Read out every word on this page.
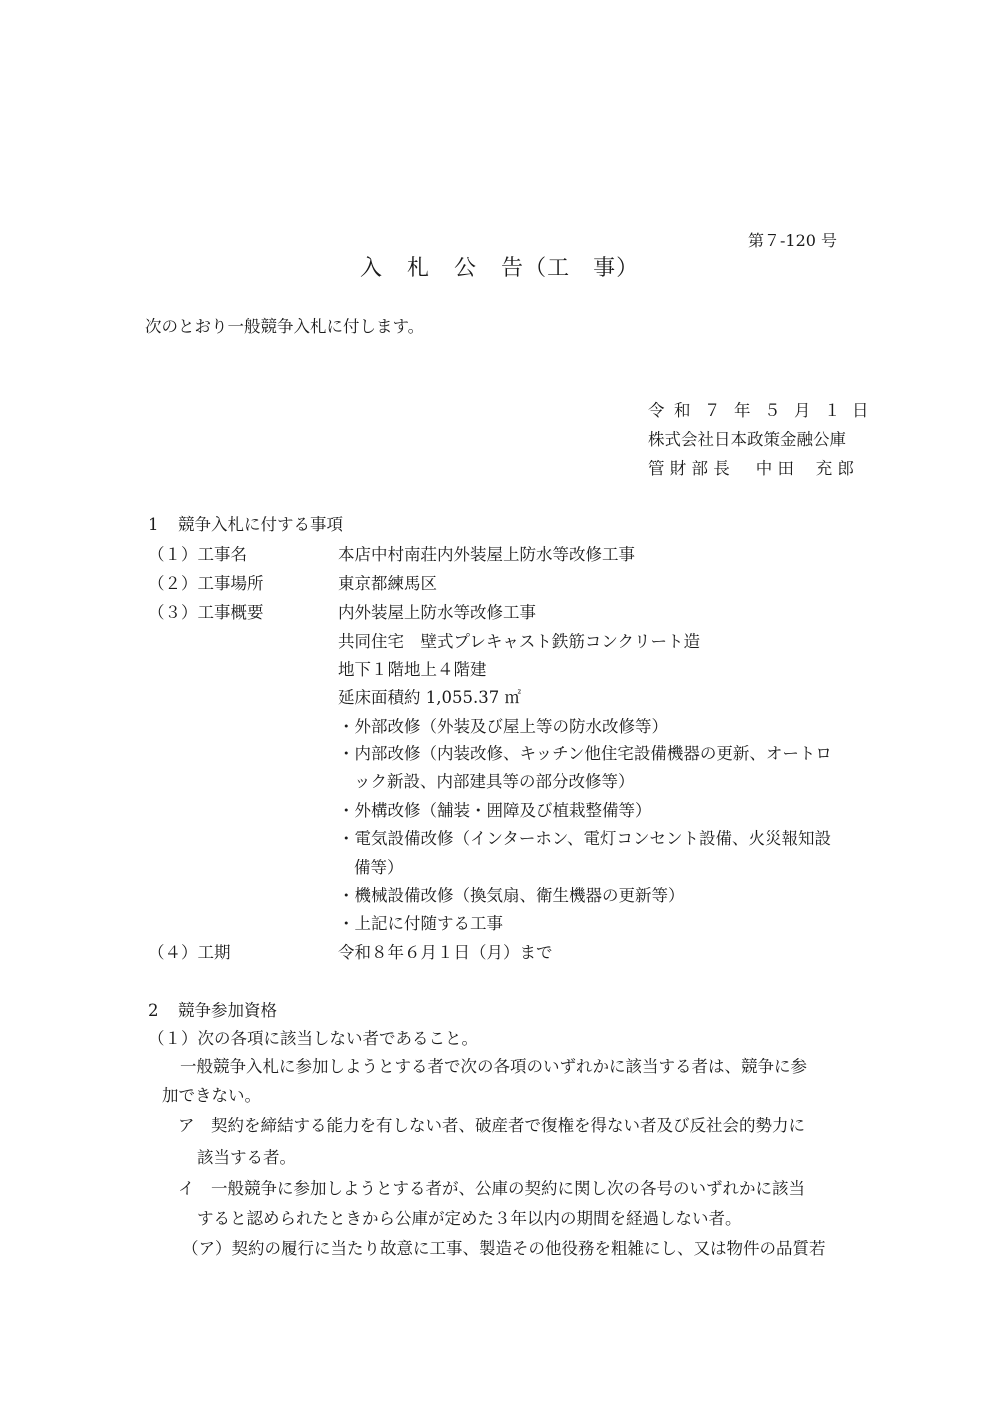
第７-120 号
入 札 公 告（工　事）
次のとおり一般競争入札に付します。
令 和 ７ 年 ５ 月 １ 日
株式会社日本政策金融公庫
管 財 部 長 中 田　 充 郎
1 競争入札に付する事項
（１）工事名	本店中村南荘内外装屋上防水等改修工事
（２）工事場所	東京都練馬区
（３）工事概要	内外装屋上防水等改修工事
共同住宅　壁式プレキャスト鉄筋コンクリート造
地下１階地上４階建
延床面積約 1,055.37 ㎡
・外部改修（外装及び屋上等の防水改修等）
・内部改修（内装改修、キッチン他住宅設備機器の更新、オートロ
ック新設、内部建具等の部分改修等）
・外構改修（舗装・囲障及び植栽整備等）
・電気設備改修（インターホン、電灯コンセント設備、火災報知設
備等）
・機械設備改修（換気扇、衛生機器の更新等）
・上記に付随する工事
（４）工期	令和８年６月１日（月）まで
2 競争参加資格
（１）次の各項に該当しない者であること。
一般競争入札に参加しようとする者で次の各項のいずれかに該当する者は、競争に参
加できない。
ア　契約を締結する能力を有しない者、破産者で復権を得ない者及び反社会的勢力に
該当する者。
イ　一般競争に参加しようとする者が、公庫の契約に関し次の各号のいずれかに該当
すると認められたときから公庫が定めた３年以内の期間を経過しない者。
（ア）契約の履行に当たり故意に工事、製造その他役務を粗雑にし、又は物件の品質若
